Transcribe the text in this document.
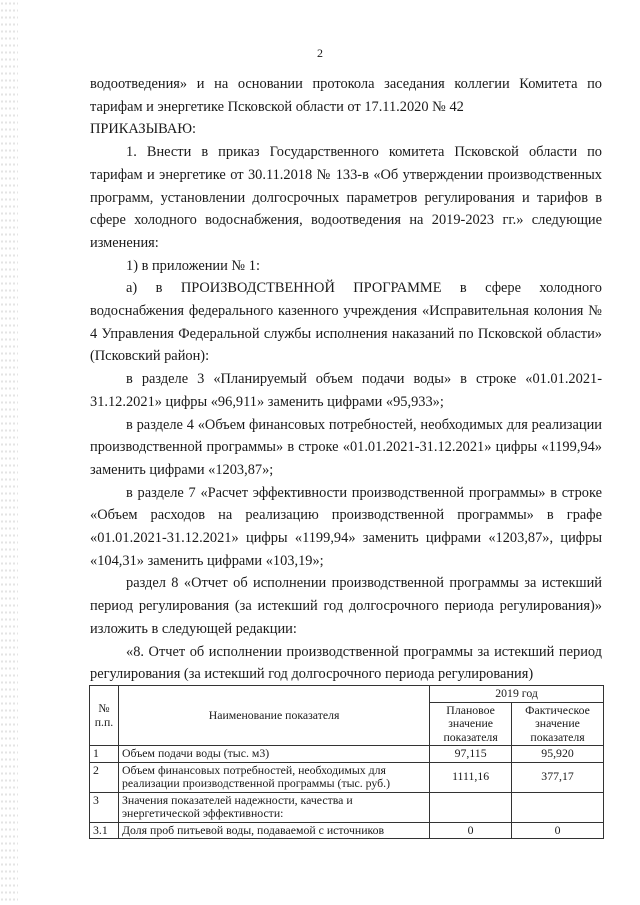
2

водоотведения» и на основании протокола заседания коллегии Комитета по тарифам и энергетике Псковской области от 17.11.2020 № 42

ПРИКАЗЫВАЮ:

1. Внести в приказ Государственного комитета Псковской области по тарифам и энергетике от 30.11.2018 № 133-в «Об утверждении производственных программ, установлении долгосрочных параметров регулирования и тарифов в сфере холодного водоснабжения, водоотведения на 2019-2023 гг.» следующие изменения:

1) в приложении № 1:

а) в ПРОИЗВОДСТВЕННОЙ ПРОГРАММЕ в сфере холодного водоснабжения федерального казенного учреждения «Исправительная колония № 4 Управления Федеральной службы исполнения наказаний по Псковской области» (Псковский район):

в разделе 3 «Планируемый объем подачи воды» в строке «01.01.2021-31.12.2021» цифры «96,911» заменить цифрами «95,933»;

в разделе 4 «Объем финансовых потребностей, необходимых для реализации производственной программы» в строке «01.01.2021-31.12.2021» цифры «1199,94» заменить цифрами «1203,87»;

в разделе 7 «Расчет эффективности производственной программы» в строке «Объем расходов на реализацию производственной программы» в графе «01.01.2021-31.12.2021» цифры «1199,94» заменить цифрами «1203,87», цифры «104,31» заменить цифрами «103,19»;

раздел 8 «Отчет об исполнении производственной программы за истекший период регулирования (за истекший год долгосрочного периода регулирования)» изложить в следующей редакции:

«8. Отчет об исполнении производственной программы за истекший период регулирования (за истекший год долгосрочного периода регулирования)

№ п.п.	Наименование показателя	2019 год	
		Плановое значение показателя	Фактическое значение показателя
1	Объем подачи воды (тыс. м3)	97,115	95,920
2	Объем финансовых потребностей, необходимых для реализации производственной программы (тыс. руб.)	1111,16	377,17
3	Значения показателей надежности, качества и энергетической эффективности:		
3.1	Доля проб питьевой воды, подаваемой с источников	0	0
